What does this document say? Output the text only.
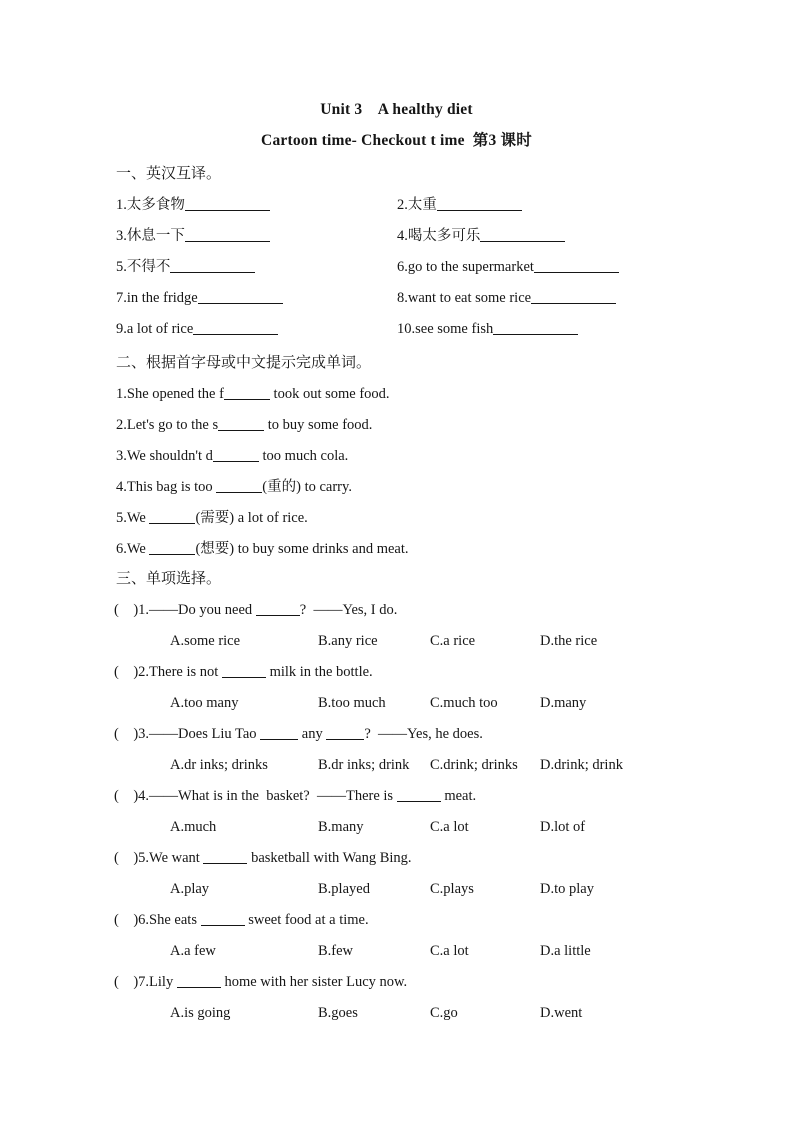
Unit 3    A healthy diet
Cartoon time- Checkout t ime  第3 课时
一、英汉互译。
1.太多食物	2.太重
3.休息一下	4.喝太多可乐
5.不得不	6.go to the supermarket
7.in the fridge	8.want to eat some rice
9.a lot of rice	10.see some fish
二、根据首字母或中文提示完成单词。
1.She opened the f	took out some food.
2.Let's go to the s	to buy some food.
3.We shouldn't d	too much cola.
4.This bag is too	(重的) to carry.
5.We	(需要) a lot of rice.
6.We	(想要) to buy some drinks and meat.
三、单项选择。
(    )1.——Do you need	?  ——Yes, I do.
A.some rice	B.any rice	C.a rice	D.the rice
(    )2.There is not	milk in the bottle.
A.too many	B.too much	C.much too	D.many
(    )3.——Does Liu Tao	any	?  ——Yes, he does.
A.dr inks; drinks	B.dr inks; drink C.drink; drinks D.drink; drink
(    )4.——What is in the  basket?  ——There is	meat.
A.much	B.many	C.a lot	D.lot of
(    )5.We want	basketball with Wang Bing.
A.play	B.played	C.plays	D.to play
(    )6.She eats	sweet food at a time.
A.a few	B.few	C.a lot	D.a little
(    )7.Lily	home with her sister Lucy now.
A.is going	B.goes	C.go	D.went
